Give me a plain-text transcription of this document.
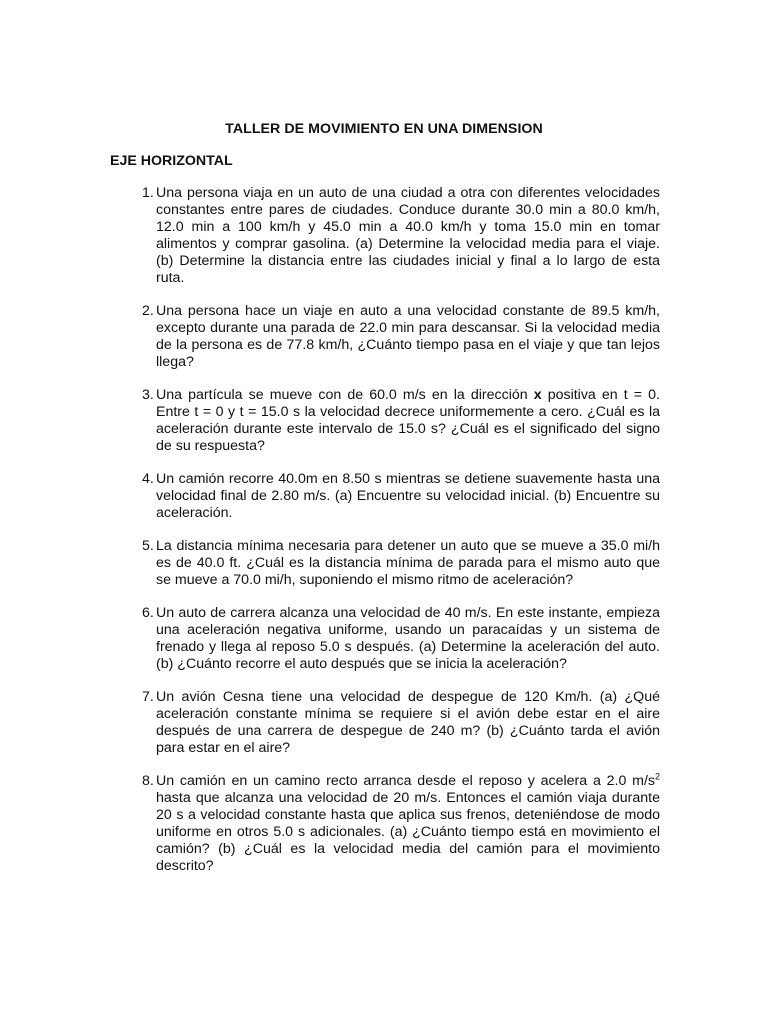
TALLER DE MOVIMIENTO EN UNA DIMENSION
EJE HORIZONTAL
1. Una persona viaja en un auto de una ciudad a otra con diferentes velocidades constantes entre pares de ciudades. Conduce durante 30.0 min a 80.0 km/h, 12.0 min a 100 km/h y 45.0 min a 40.0 km/h y toma 15.0 min en tomar alimentos y comprar gasolina. (a) Determine la velocidad media para el viaje. (b) Determine la distancia entre las ciudades inicial y final a lo largo de esta ruta.
2. Una persona hace un viaje en auto a una velocidad constante de 89.5 km/h, excepto durante una parada de 22.0 min para descansar. Si la velocidad media de la persona es de 77.8 km/h, ¿Cuánto tiempo pasa en el viaje y que tan lejos llega?
3. Una partícula se mueve con de 60.0 m/s en la dirección x positiva en t = 0. Entre t = 0 y t = 15.0 s la velocidad decrece uniformemente a cero. ¿Cuál es la aceleración durante este intervalo de 15.0 s? ¿Cuál es el significado del signo de su respuesta?
4. Un camión recorre 40.0m en 8.50 s mientras se detiene suavemente hasta una velocidad final de 2.80 m/s. (a) Encuentre su velocidad inicial. (b) Encuentre su aceleración.
5. La distancia mínima necesaria para detener un auto que se mueve a 35.0 mi/h es de 40.0 ft. ¿Cuál es la distancia mínima de parada para el mismo auto que se mueve a 70.0 mi/h, suponiendo el mismo ritmo de aceleración?
6. Un auto de carrera alcanza una velocidad de 40 m/s. En este instante, empieza una aceleración negativa uniforme, usando un paracaídas y un sistema de frenado y llega al reposo 5.0 s después. (a) Determine la aceleración del auto. (b) ¿Cuánto recorre el auto después que se inicia la aceleración?
7. Un avión Cesna tiene una velocidad de despegue de 120 Km/h. (a) ¿Qué aceleración constante mínima se requiere si el avión debe estar en el aire después de una carrera de despegue de 240 m? (b) ¿Cuánto tarda el avión para estar en el aire?
8. Un camión en un camino recto arranca desde el reposo y acelera a 2.0 $m/s^2$ hasta que alcanza una velocidad de 20 m/s. Entonces el camión viaja durante 20 s a velocidad constante hasta que aplica sus frenos, deteniéndose de modo uniforme en otros 5.0 s adicionales. (a) ¿Cuánto tiempo está en movimiento el camión? (b) ¿Cuál es la velocidad media del camión para el movimiento descrito?
